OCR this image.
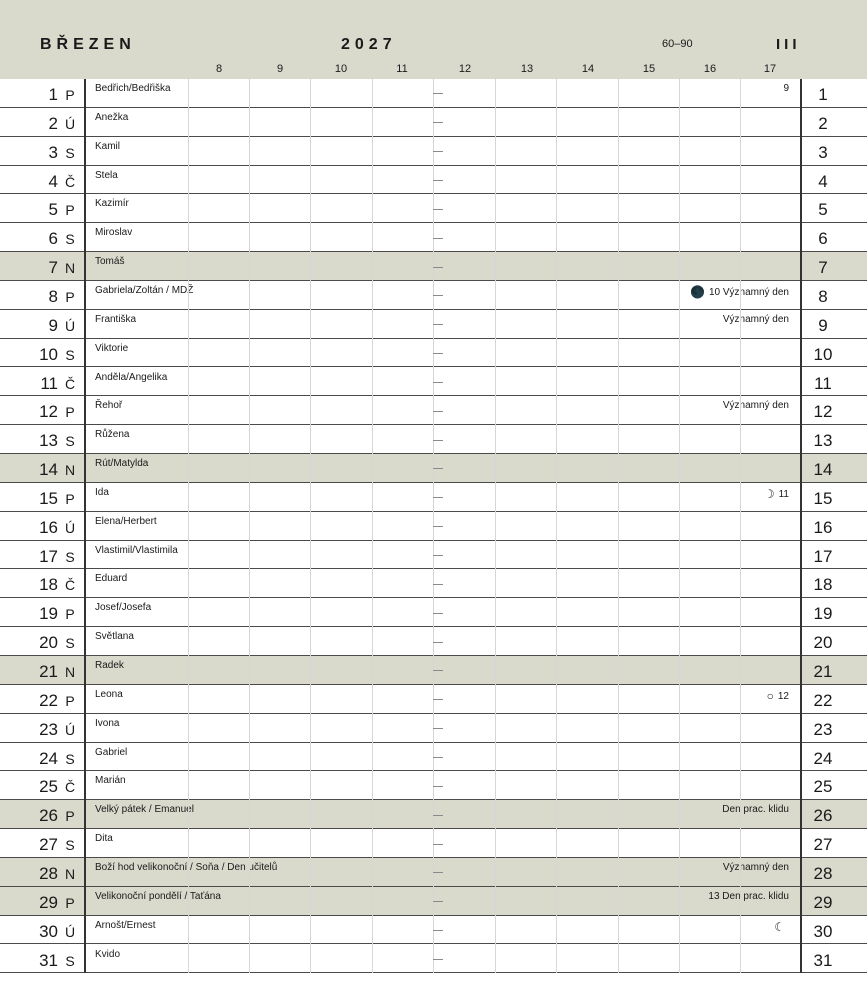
BŘEZEN	2027	60–90	III
8	9	10	11	12	13	14	15	16	17
1 P	Bedřich/Bedřiška	9	1
2 Ú Anežka	2
3 S	Kamil	3
4 Č Stela	4
5 P	Kazimír	5
6 S	Miroslav	6
7 N Tomáš	7
8 P	Gabriela/Zoltán / MDŽ	🌑 10 Významný den	8
9 Ú Františka	Významný den	9
10 S	Viktorie	10
11 Č Anděla/Angelika	11
12 P	Řehoř	Významný den	12
13 S	Růžena	13
14 N Rút/Matylda	14
15 P	Ida	☽ 11	15
16 Ú Elena/Herbert	16
17 S	Vlastimil/Vlastimila	17
18 Č Eduard	18
19 P	Josef/Josefa	19
20 S	Světlana	20
21 N Radek	21
22 P	Leona	○ 12	22
23 Ú Ivona	23
24 S	Gabriel	24
25 Č Marián	25
26 P	Velký pátek / Emanuel	Den prac. klidu	26
27 S	Dita	27
28 N Boží hod velikonoční / Soňa / Den učitelů	Významný den	28
29 P	Velikonoční pondělí / Taťána	13 Den prac. klidu	29
30 Ú Arnošt/Ernest	☾	30
31 S	Kvido	31
